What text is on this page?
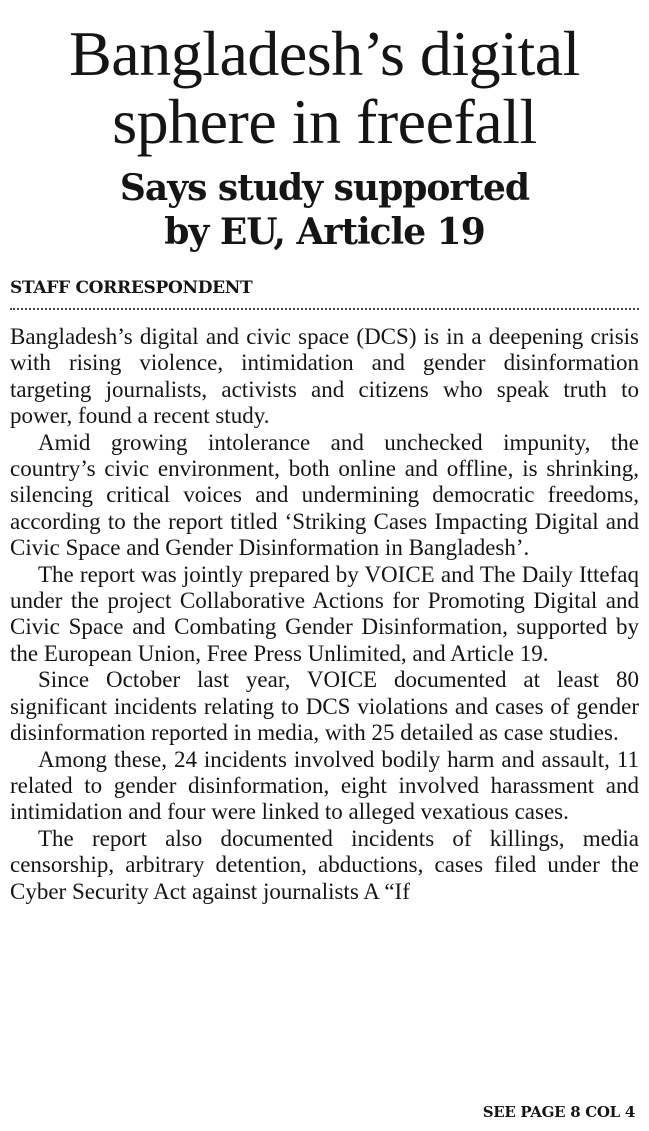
Bangladesh’s digital
sphere in freefall
Says study supported
by EU, Article 19
STAFF CORRESPONDENT

Bangladesh’s digital and civic space (DCS) is in a deepening crisis with rising violence, intimidation and gender disinformation targeting journalists, activists and citizens who speak truth to power, found a recent study.

Amid growing intolerance and unchecked impunity, the country’s civic environment, both online and offline, is shrinking, silencing critical voices and undermining democratic freedoms, according to the report titled ‘Striking Cases Impacting Digital and Civic Space and Gender Disinformation in Bangladesh’.

The report was jointly prepared by VOICE and The Daily Ittefaq under the project Collaborative Actions for Promoting Digital and Civic Space and Combating Gender Disinformation, supported by the European Union, Free Press Unlimited, and Article 19.

Since October last year, VOICE documented at least 80 significant incidents relating to DCS violations and cases of gender disinformation reported in media, with 25 detailed as case studies.

Among these, 24 incidents involved bodily harm and assault, 11 related to gender disinformation, eight involved harassment and intimidation and four were linked to alleged vexatious cases.

The report also documented incidents of killings, media censorship, arbitrary detention, abductions, cases filed under the Cyber Security Act against journalists A “If

SEE PAGE 8 COL 4
